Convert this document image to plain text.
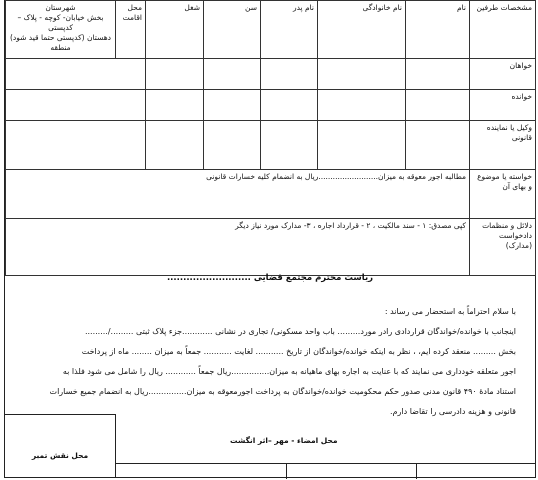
مشخصات طرفین	نام	نام خانوادگی	نام پدر	سن	شغل	محل اقامت	شهرستان
بخش خیابان- کوچه - پلاک – کدپستی
دهستان (کدپستی حتما قید شود)
منطقه

خواهان							
خوانده							
وکیل یا نماینده قانونی							
خواسته یا موضوع و بهای آن	مطالبه اجور معوقه به میزان.........................ریال به انضمام کلیه خسارات قانونی						
دلائل و منظمات دادخواست (مدارک)	کپی مصدق: ۱ - سند مالکیت ، ۲ - قرارداد اجاره ، ۳- مدارک مورد نیاز دیگر						
ریاست محترم مجتمع قضایی ..........................
با سلام احتراماً به استحضار می رساند :
اینجانب با خوانده/خواندگان قراردادی رادر مورد......... باب واحد مسکونی/ تجاری در نشانی ............جزء پلاک ثبتی ........./.........
بخش ......... منعقد کرده ایم، ، نظر به اینکه خوانده/خواندگان از تاریخ ........... لغایت ........... جمعاً به میزان ........ ماه از پرداخت
اجور متعلقه خودداری می نمایند که با عنایت به اجاره بهای ماهیانه به میزان...............ریال جمعاً ............ ریال را شامل می شود فلذا به
استناد مادهٔ ۴۹۰ قانون مدنی صدور حکم محکومیت خوانده/خواندگان به پرداخت اجورمعوقه به میزان...............ریال به انضمام جمیع خسارات
قانونی و هزینه دادرسی را تقاضا دارم.
محل نقش تمبر
محل امضاء - مهر –اثر انگشت
